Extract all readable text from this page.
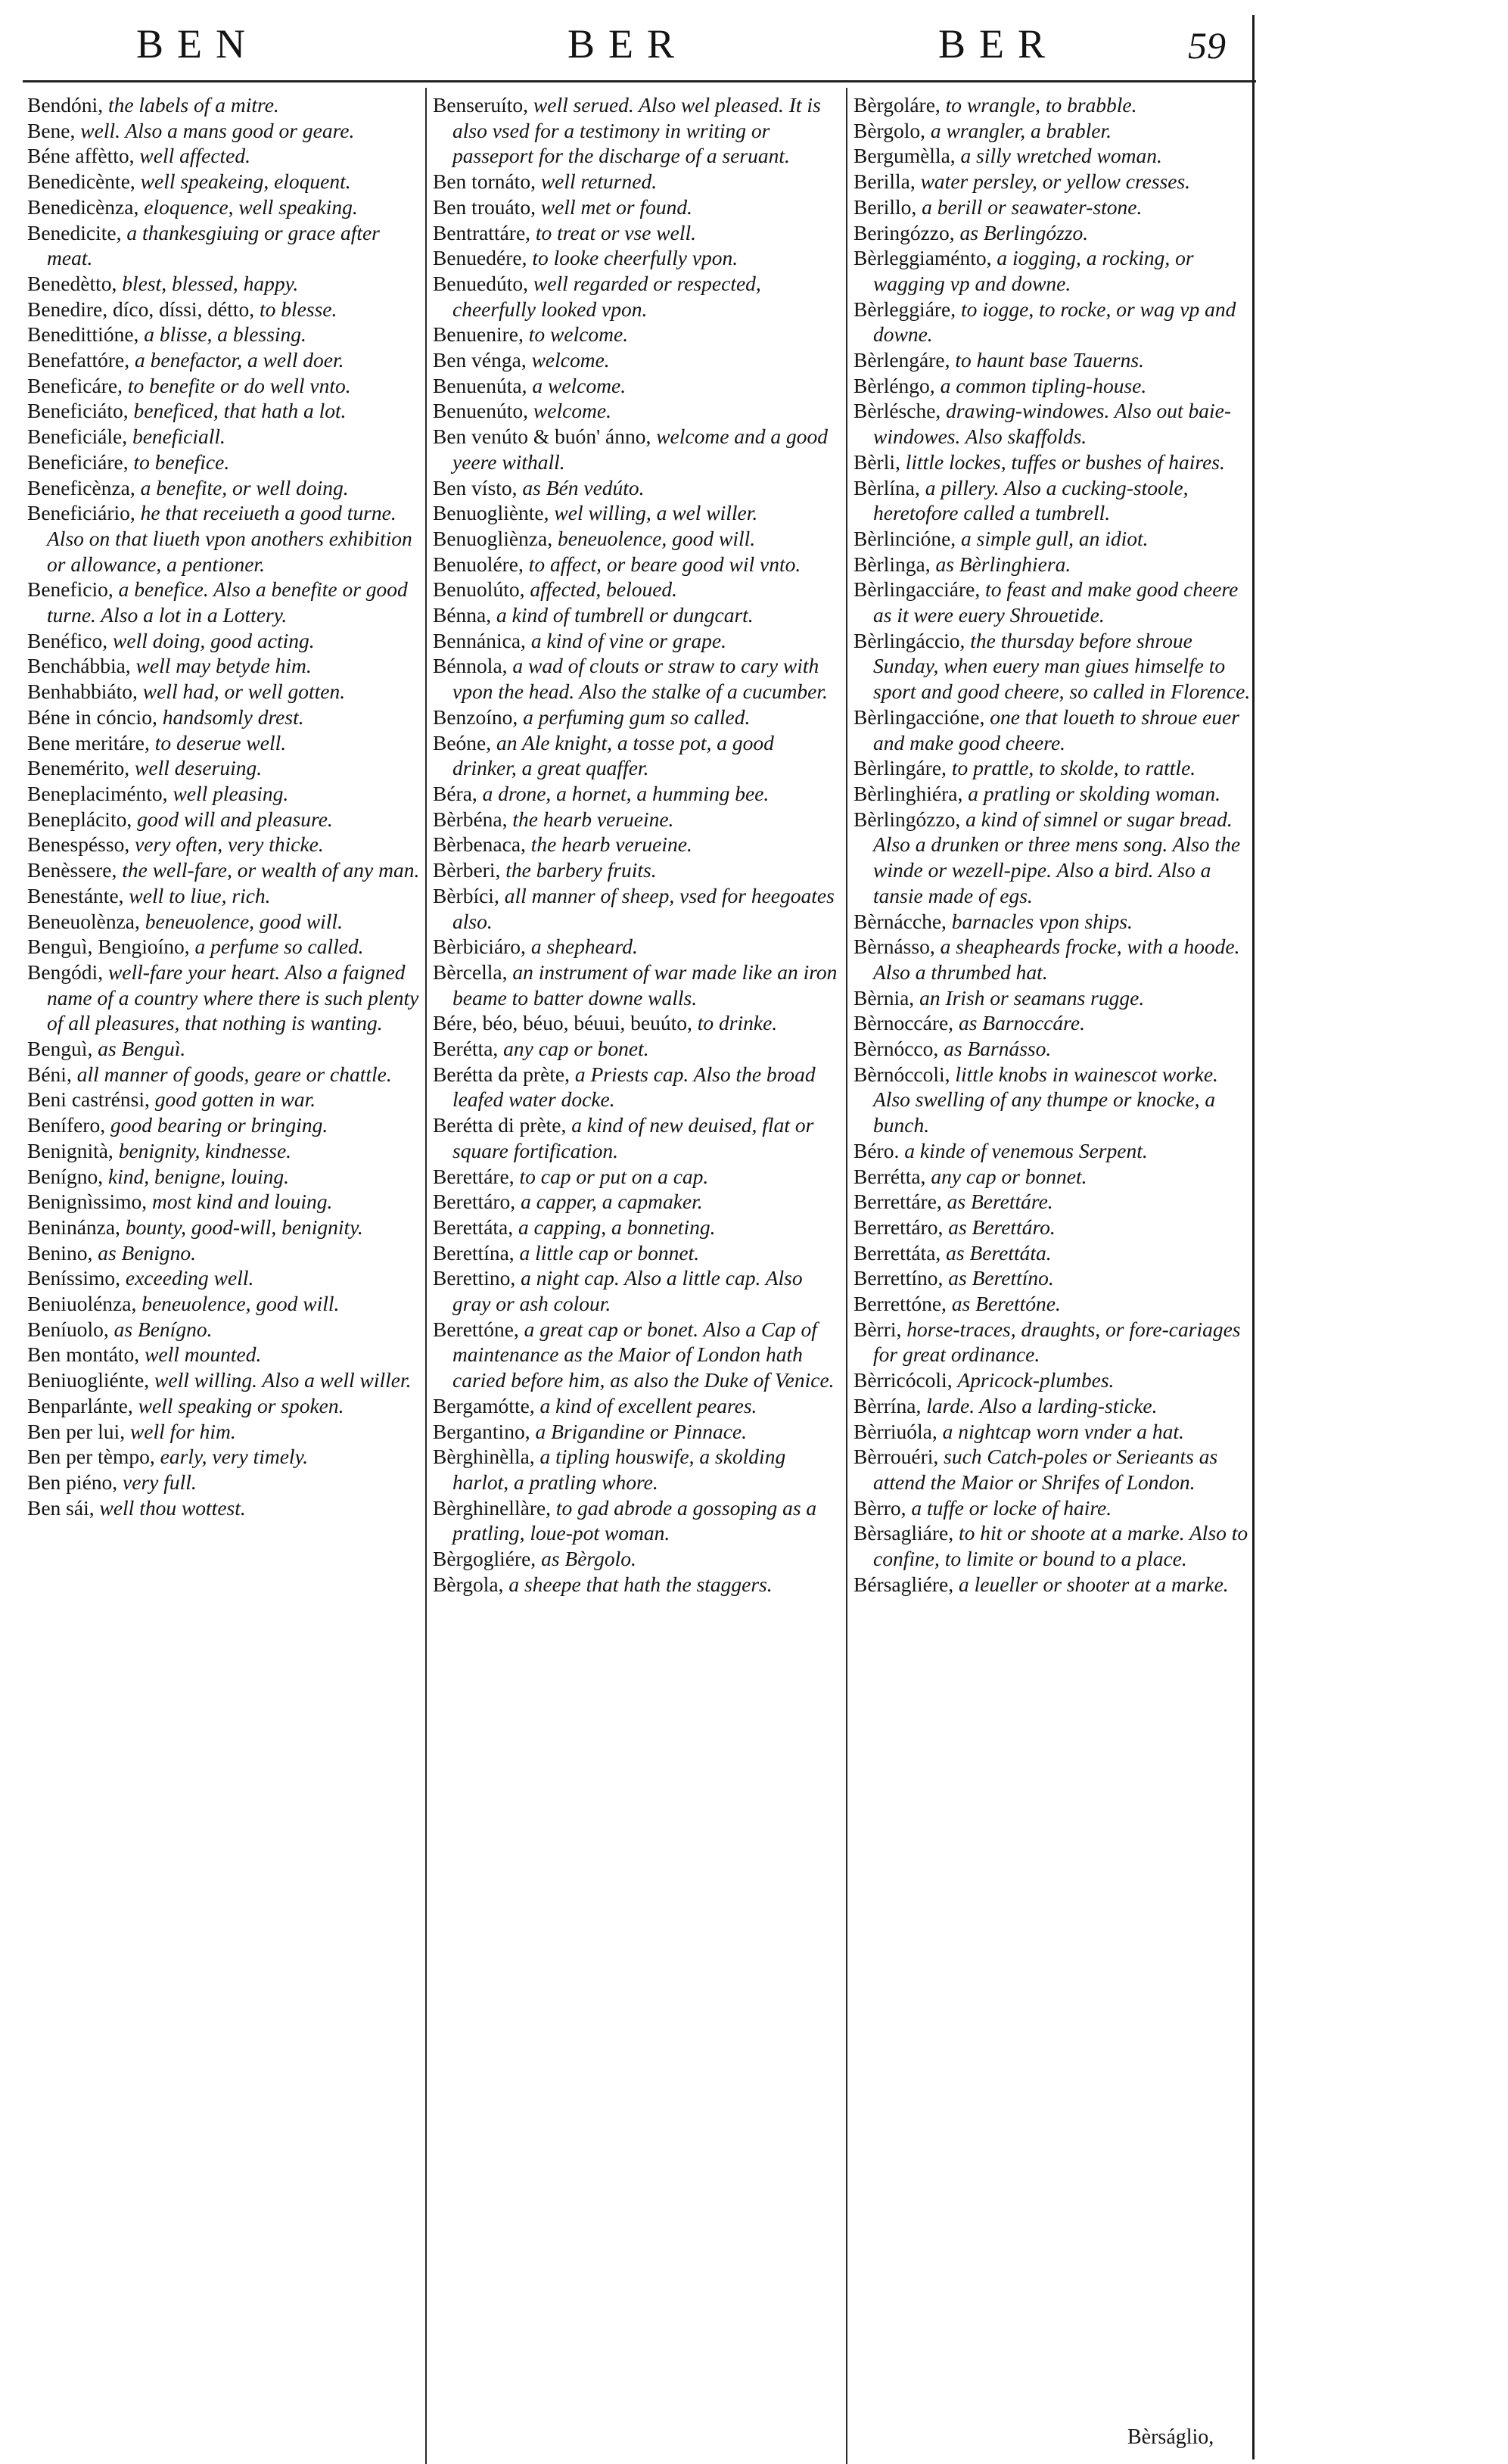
BEN	BER	BER	59

Bendóni, the labels of a mitre.

Bene, well. Also a mans good or geare.

Béne affètto, well affected.

Benedicènte, well speakeing, eloquent.

Benedicènza, eloquence, well speaking.

Benedicite, a thankesgiuing or grace after meat.

Benedètto, blest, blessed, happy.

Benedire, díco, díssi, détto, to blesse.

Benedittióne, a blisse, a blessing.

Benefattóre, a benefactor, a well doer.

Beneficáre, to benefite or do well vnto.

Beneficiáto, beneficed, that hath a lot.

Beneficiále, beneficiall.

Beneficiáre, to benefice.

Beneficènza, a benefite, or well doing.

Beneficiário, he that receiueth a good turne. Also on that liueth vpon anothers exhibition or allowance, a pentioner.

Beneficio, a benefice. Also a benefite or good turne. Also a lot in a Lottery.

Benéfico, well doing, good acting.

Benchábbia, well may betyde him.

Benhabbiáto, well had, or well gotten.

Béne in cóncio, handsomly drest.

Bene meritáre, to deserue well.

Benemérito, well deseruing.

Beneplaciménto, well pleasing.

Beneplácito, good will and pleasure.

Benespésso, very often, very thicke.

Benèssere, the well-fare, or wealth of any man.

Benestánte, well to liue, rich.

Beneuolènza, beneuolence, good will.

Benguì, Bengioíno, a perfume so called.

Bengódi, well-fare your heart. Also a faigned name of a country where there is such plenty of all pleasures, that nothing is wanting.

Benguì, as Benguì.

Béni, all manner of goods, geare or chattle.

Beni castrénsi, good gotten in war.

Benífero, good bearing or bringing.

Benignità, benignity, kindnesse.

Benígno, kind, benigne, louing.

Benignìssimo, most kind and louing.

Beninánza, bounty, good-will, benignity.

Benino, as Benigno.

Beníssimo, exceeding well.

Beniuolénza, beneuolence, good will.

Beníuolo, as Benígno.

Ben montáto, well mounted.

Beniuogliénte, well willing. Also a well willer.

Benparlánte, well speaking or spoken.

Ben per lui, well for him.

Ben per tèmpo, early, very timely.

Ben piéno, very full.

Ben sái, well thou wottest.

Benseruíto, well serued. Also wel pleased. It is also vsed for a testimony in writing or passeport for the discharge of a seruant.

Ben tornáto, well returned.

Ben trouáto, well met or found.

Bentrattáre, to treat or vse well.

Benuedére, to looke cheerfully vpon.

Benuedúto, well regarded or respected, cheerfully looked vpon.

Benuenire, to welcome.

Ben vénga, welcome.

Benuenúta, a welcome.

Benuenúto, welcome.

Ben venúto & buón' ánno, welcome and a good yeere withall.

Ben vísto, as Bén vedúto.

Benuogliènte, wel willing, a wel willer.

Benuogliènza, beneuolence, good will.

Benuolére, to affect, or beare good wil vnto.

Benuolúto, affected, beloued.

Bénna, a kind of tumbrell or dungcart.

Bennánica, a kind of vine or grape.

Bénnola, a wad of clouts or straw to cary with vpon the head. Also the stalke of a cucumber.

Benzoíno, a perfuming gum so called.

Beóne, an Ale knight, a tosse pot, a good drinker, a great quaffer.

Béra, a drone, a hornet, a humming bee.

Bèrbéna, the hearb verueine.

Bèrbenaca, the hearb verueine.

Bèrberi, the barbery fruits.

Bèrbíci, all manner of sheep, vsed for heegoates also.

Bèrbiciáro, a shepheard.

Bèrcella, an instrument of war made like an iron beame to batter downe walls.

Bére, béo, béuo, béuui, beuúto, to drinke.

Berétta, any cap or bonet.

Berétta da prète, a Priests cap. Also the broad leafed water docke.

Berétta di prète, a kind of new deuised, flat or square fortification.

Berettáre, to cap or put on a cap.

Berettáro, a capper, a capmaker.

Berettáta, a capping, a bonneting.

Berettína, a little cap or bonnet.

Berettino, a night cap. Also a little cap. Also gray or ash colour.

Berettóne, a great cap or bonet. Also a Cap of maintenance as the Maior of London hath caried before him, as also the Duke of Venice.

Bergamótte, a kind of excellent peares.

Bergantino, a Brigandine or Pinnace.

Bèrghinèlla, a tipling houswife, a skolding harlot, a pratling whore.

Bèrghinellàre, to gad abrode a gossoping as a pratling, loue-pot woman.

Bèrgogliére, as Bèrgolo.

Bèrgola, a sheepe that hath the staggers.

Bèrgoláre, to wrangle, to brabble.

Bèrgolo, a wrangler, a brabler.

Bergumèlla, a silly wretched woman.

Berilla, water persley, or yellow cresses.

Berillo, a berill or seawater-stone.

Beringózzo, as Berlingózzo.

Bèrleggiaménto, a iogging, a rocking, or wagging vp and downe.

Bèrleggiáre, to iogge, to rocke, or wag vp and downe.

Bèrlengáre, to haunt base Tauerns.

Bèrléngo, a common tipling-house.

Bèrlésche, drawing-windowes. Also out baie-windowes. Also skaffolds.

Bèrli, little lockes, tuffes or bushes of haires.

Bèrlína, a pillery. Also a cucking-stoole, heretofore called a tumbrell.

Bèrlincióne, a simple gull, an idiot.

Bèrlinga, as Bèrlinghiera.

Bèrlingacciáre, to feast and make good cheere as it were euery Shrouetide.

Bèrlingáccio, the thursday before shroue Sunday, when euery man giues himselfe to sport and good cheere, so called in Florence.

Bèrlingaccióne, one that loueth to shroue euer and make good cheere.

Bèrlingáre, to prattle, to skolde, to rattle.

Bèrlinghiéra, a pratling or skolding woman.

Bèrlingózzo, a kind of simnel or sugar bread. Also a drunken or three mens song. Also the winde or wezell-pipe. Also a bird. Also a tansie made of egs.

Bèrnácche, barnacles vpon ships.

Bèrnásso, a sheapheards frocke, with a hoode. Also a thrumbed hat.

Bèrnia, an Irish or seamans rugge.

Bèrnoccáre, as Barnoccáre.

Bèrnócco, as Barnásso.

Bèrnóccoli, little knobs in wainescot worke. Also swelling of any thumpe or knocke, a bunch.

Béro. a kinde of venemous Serpent.

Berrétta, any cap or bonnet.

Berrettáre, as Berettáre.

Berrettáro, as Berettáro.

Berrettáta, as Berettáta.

Berrettíno, as Berettíno.

Berrettóne, as Berettóne.

Bèrri, horse-traces, draughts, or fore-cariages for great ordinance.

Bèrricócoli, Apricock-plumbes.

Bèrrína, larde. Also a larding-sticke.

Bèrriuóla, a nightcap worn vnder a hat.

Bèrrouéri, such Catch-poles or Serieants as attend the Maior or Shrifes of London.

Bèrro, a tuffe or locke of haire.

Bèrsagliáre, to hit or shoote at a marke. Also to confine, to limite or bound to a place.

Bérsagliére, a leueller or shooter at a marke.

Bèrságlio,
